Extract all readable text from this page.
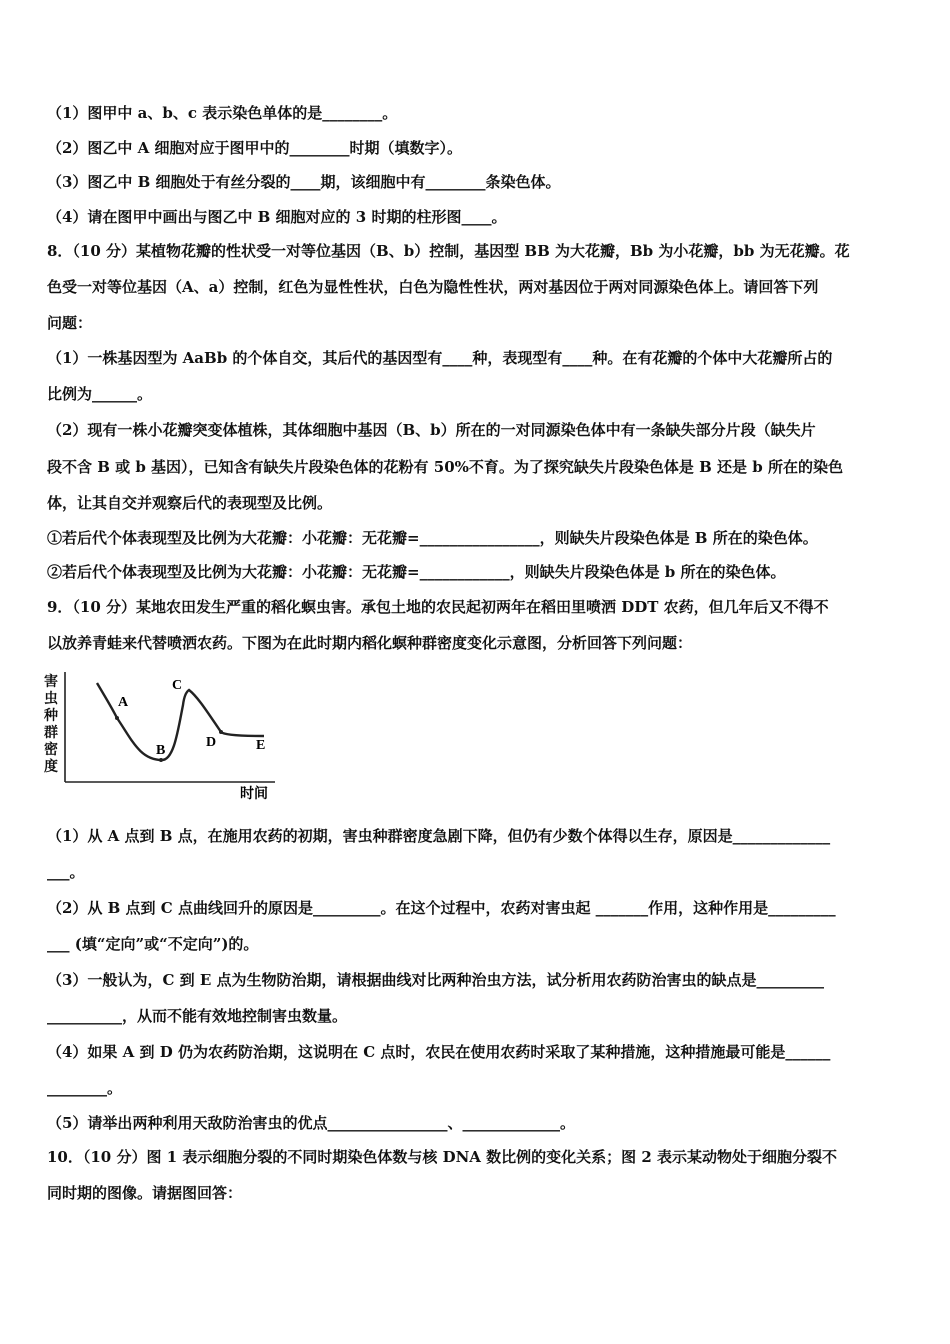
（1）图甲中 a、b、c 表示染色单体的是________。
（2）图乙中 A 细胞对应于图甲中的________时期（填数字）。
（3）图乙中 B 细胞处于有丝分裂的____期，该细胞中有________条染色体。
（4）请在图甲中画出与图乙中 B 细胞对应的 3 时期的柱形图____。
8．（10 分）某植物花瓣的性状受一对等位基因（B、b）控制，基因型 BB 为大花瓣，Bb 为小花瓣，bb 为无花瓣。花
色受一对等位基因（A、a）控制，红色为显性性状，白色为隐性性状，两对基因位于两对同源染色体上。请回答下列
问题：
（1）一株基因型为 AaBb 的个体自交，其后代的基因型有____种，表现型有____种。在有花瓣的个体中大花瓣所占的
比例为______。
（2）现有一株小花瓣突变体植株，其体细胞中基因（B、b）所在的一对同源染色体中有一条缺失部分片段（缺失片
段不含 B 或 b 基因），已知含有缺失片段染色体的花粉有 50%不育。为了探究缺失片段染色体是 B 还是 b 所在的染色
体，让其自交并观察后代的表现型及比例。
①若后代个体表现型及比例为大花瓣：小花瓣：无花瓣=________________，则缺失片段染色体是 B 所在的染色体。
②若后代个体表现型及比例为大花瓣：小花瓣：无花瓣=____________，则缺失片段染色体是 b 所在的染色体。
9．（10 分）某地农田发生严重的稻化螟虫害。承包土地的农民起初两年在稻田里喷洒 DDT 农药，但几年后又不得不
以放养青蛙来代替喷洒农药。下图为在此时期内稻化螟种群密度变化示意图，分析回答下列问题：
害
虫
种
群
密
度
A
B
C
D	E
时间
（1）从 A 点到 B 点，在施用农药的初期，害虫种群密度急剧下降，但仍有少数个体得以生存，原因是_____________
___。
（2）从 B 点到 C 点曲线回升的原因是_________。在这个过程中，农药对害虫起 _______作用，这种作用是_________
___ (填“定向”或“不定向”)的。
（3）一般认为，C 到 E 点为生物防治期，请根据曲线对比两种治虫方法，试分析用农药防治害虫的缺点是_________
__________，从而不能有效地控制害虫数量。
（4）如果 A 到 D 仍为农药防治期，这说明在 C 点时，农民在使用农药时采取了某种措施，这种措施最可能是______
________。
（5）请举出两种利用天敌防治害虫的优点________________、_____________。
10．（10 分）图 1 表示细胞分裂的不同时期染色体数与核 DNA 数比例的变化关系；图 2 表示某动物处于细胞分裂不
同时期的图像。请据图回答：
